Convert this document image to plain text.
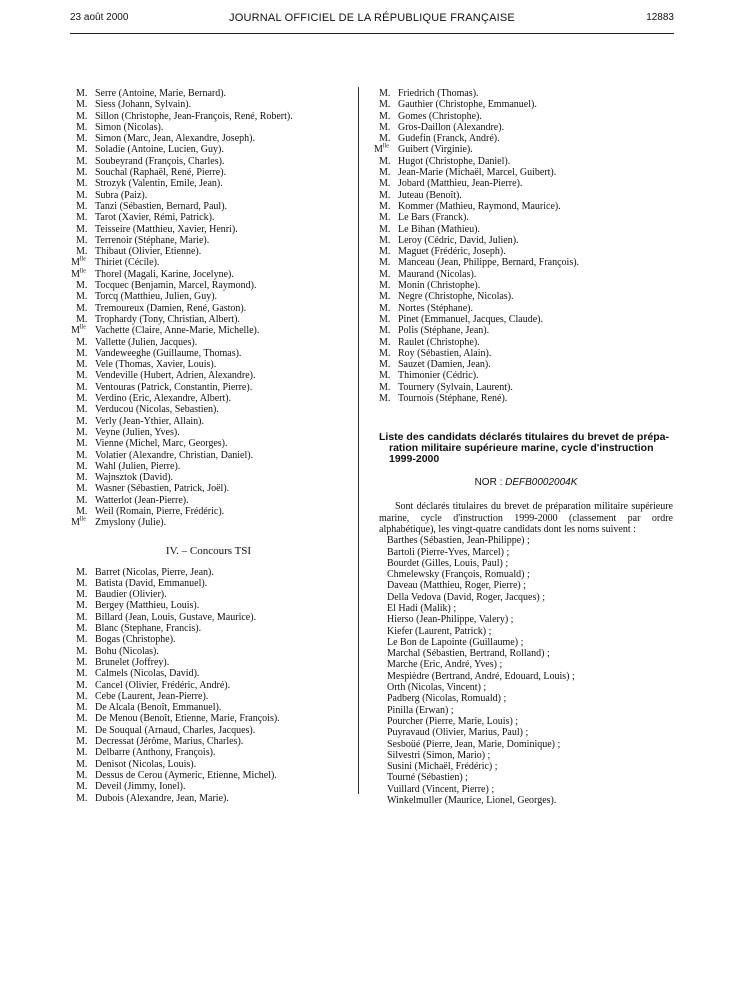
23 août 2000	JOURNAL OFFICIEL DE LA RÉPUBLIQUE FRANÇAISE	12883
M. Serre (Antoine, Marie, Bernard).
M. Siess (Johann, Sylvain).
M. Sillon (Christophe, Jean-François, René, Robert).
M. Simon (Nicolas).
M. Simon (Marc, Jean, Alexandre, Joseph).
M. Soladie (Antoine, Lucien, Guy).
M. Soubeyrand (François, Charles).
M. Souchal (Raphaël, René, Pierre).
M. Strozyk (Valentin, Emile, Jean).
M. Subra (Paiz).
M. Tanzi (Sébastien, Bernard, Paul).
M. Tarot (Xavier, Rémi, Patrick).
M. Teisseire (Matthieu, Xavier, Henri).
M. Terrenoir (Stéphane, Marie).
M. Thibaut (Olivier, Etienne).
$M^{lle}$ Thiriet (Cécile).
$M^{lle}$ Thorel (Magali, Karine, Jocelyne).
M. Tocquec (Benjamin, Marcel, Raymond).
M. Torcq (Matthieu, Julien, Guy).
M. Tremoureux (Damien, René, Gaston).
M. Trophardy (Tony, Christian, Albert).
$M^{lle}$ Vachette (Claire, Anne-Marie, Michelle).
M. Vallette (Julien, Jacques).
M. Vandeweeghe (Guillaume, Thomas).
M. Vele (Thomas, Xavier, Louis).
M. Vendeville (Hubert, Adrien, Alexandre).
M. Ventouras (Patrick, Constantin, Pierre).
M. Verdino (Eric, Alexandre, Albert).
M. Verducou (Nicolas, Sebastien).
M. Verly (Jean-Ythier, Allain).
M. Veyne (Julien, Yves).
M. Vienne (Michel, Marc, Georges).
M. Volatier (Alexandre, Christian, Daniel).
M. Wahl (Julien, Pierre).
M. Wajnsztok (David).
M. Wasner (Sébastien, Patrick, Joël).
M. Watterlot (Jean-Pierre).
M. Weil (Romain, Pierre, Frédéric).
$M^{lle}$ Zmyslony (Julie).
IV. – Concours TSI
M. Barret (Nicolas, Pierre, Jean).
M. Batista (David, Emmanuel).
M. Baudier (Olivier).
M. Bergey (Matthieu, Louis).
M. Billard (Jean, Louis, Gustave, Maurice).
M. Blanc (Stephane, Francis).
M. Bogas (Christophe).
M. Bohu (Nicolas).
M. Brunelet (Joffrey).
M. Calmels (Nicolas, David).
M. Cancel (Olivier, Frédéric, André).
M. Cebe (Laurent, Jean-Pierre).
M. De Alcala (Benoît, Emmanuel).
M. De Menou (Benoît, Etienne, Marie, François).
M. De Souqual (Arnaud, Charles, Jacques).
M. Decressat (Jérôme, Marius, Charles).
M. Delbarre (Anthony, François).
M. Denisot (Nicolas, Louis).
M. Dessus de Cerou (Aymeric, Etienne, Michel).
M. Deveil (Jimmy, Ionel).
M. Dubois (Alexandre, Jean, Marie).
M. Friedrich (Thomas).
M. Gauthier (Christophe, Emmanuel).
M. Gomes (Christophe).
M. Gros-Daillon (Alexandre).
M. Gudefin (Franck, André).
$M^{lle}$ Guibert (Virginie).
M. Hugot (Christophe, Daniel).
M. Jean-Marie (Michaël, Marcel, Guibert).
M. Jobard (Matthieu, Jean-Pierre).
M. Juteau (Benoît).
M. Kommer (Mathieu, Raymond, Maurice).
M. Le Bars (Franck).
M. Le Bihan (Mathieu).
M. Leroy (Cédric, David, Julien).
M. Maguet (Frédéric, Joseph).
M. Manceau (Jean, Philippe, Bernard, François).
M. Maurand (Nicolas).
M. Monin (Christophe).
M. Negre (Christophe, Nicolas).
M. Nortes (Stéphane).
M. Pinet (Emmanuel, Jacques, Claude).
M. Polis (Stéphane, Jean).
M. Raulet (Christophe).
M. Roy (Sébastien, Alain).
M. Sauzet (Damien, Jean).
M. Thimonier (Cédric).
M. Tournery (Sylvain, Laurent).
M. Tournois (Stéphane, René).
Liste des candidats déclarés titulaires du brevet de prépa-
ration militaire supérieure marine, cycle d'instruction
1999-2000
NOR : DEFB0002004K
Sont déclarés titulaires du brevet de préparation militaire supérieure marine, cycle d'instruction 1999-2000 (classement par ordre alphabétique), les vingt-quatre candidats dont les noms suivent :
Barthes (Sébastien, Jean-Philippe) ;
Bartoli (Pierre-Yves, Marcel) ;
Bourdet (Gilles, Louis, Paul) ;
Chmelewsky (François, Romuald) ;
Daveau (Matthieu, Roger, Pierre) ;
Della Vedova (David, Roger, Jacques) ;
El Hadi (Malik) ;
Hierso (Jean-Philippe, Valery) ;
Kiefer (Laurent, Patrick) ;
Le Bon de Lapointe (Guillaume) ;
Marchal (Sébastien, Bertrand, Rolland) ;
Marche (Eric, André, Yves) ;
Mespièdre (Bertrand, André, Edouard, Louis) ;
Orth (Nicolas, Vincent) ;
Padberg (Nicolas, Romuald) ;
Pinilla (Erwan) ;
Pourcher (Pierre, Marie, Louis) ;
Puyravaud (Olivier, Marius, Paul) ;
Sesboüé (Pierre, Jean, Marie, Dominique) ;
Silvestri (Simon, Mario) ;
Susini (Michaël, Frédéric) ;
Tourné (Sébastien) ;
Vuillard (Vincent, Pierre) ;
Winkelmuller (Maurice, Lionel, Georges).
